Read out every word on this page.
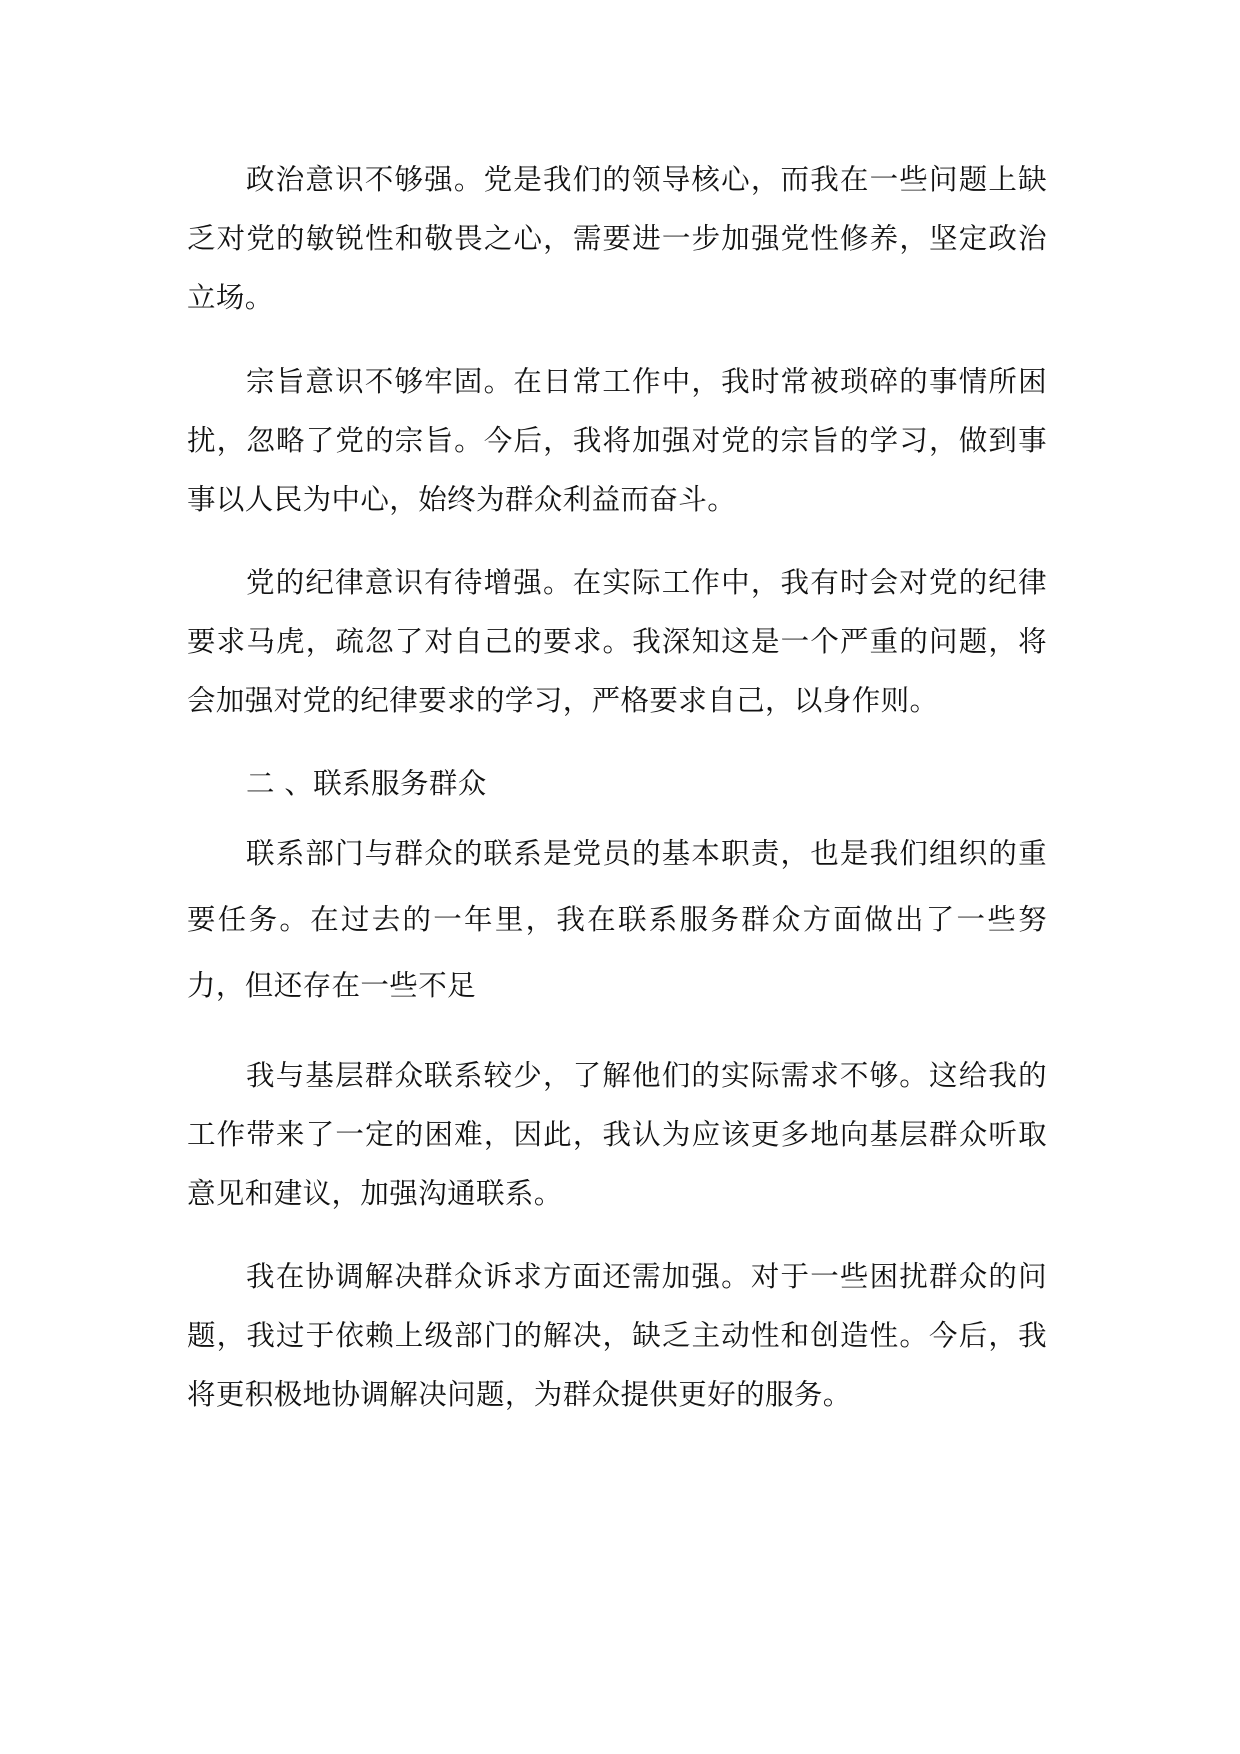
政治意识不够强。党是我们的领导核心，而我在一些问题上缺乏对党的敏锐性和敬畏之心，需要进一步加强党性修养，坚定政治立场。

宗旨意识不够牢固。在日常工作中，我时常被琐碎的事情所困扰，忽略了党的宗旨。今后，我将加强对党的宗旨的学习，做到事事以人民为中心，始终为群众利益而奋斗。

党的纪律意识有待增强。在实际工作中，我有时会对党的纪律要求马虎，疏忽了对自己的要求。我深知这是一个严重的问题，将会加强对党的纪律要求的学习，严格要求自己，以身作则。

二 、联系服务群众

联系部门与群众的联系是党员的基本职责，也是我们组织的重要任务。在过去的一年里，我在联系服务群众方面做出了一些努力，但还存在一些不足

我与基层群众联系较少，了解他们的实际需求不够。这给我的工作带来了一定的困难，因此，我认为应该更多地向基层群众听取意见和建议，加强沟通联系。

我在协调解决群众诉求方面还需加强。对于一些困扰群众的问题，我过于依赖上级部门的解决，缺乏主动性和创造性。今后，我将更积极地协调解决问题，为群众提供更好的服务。
